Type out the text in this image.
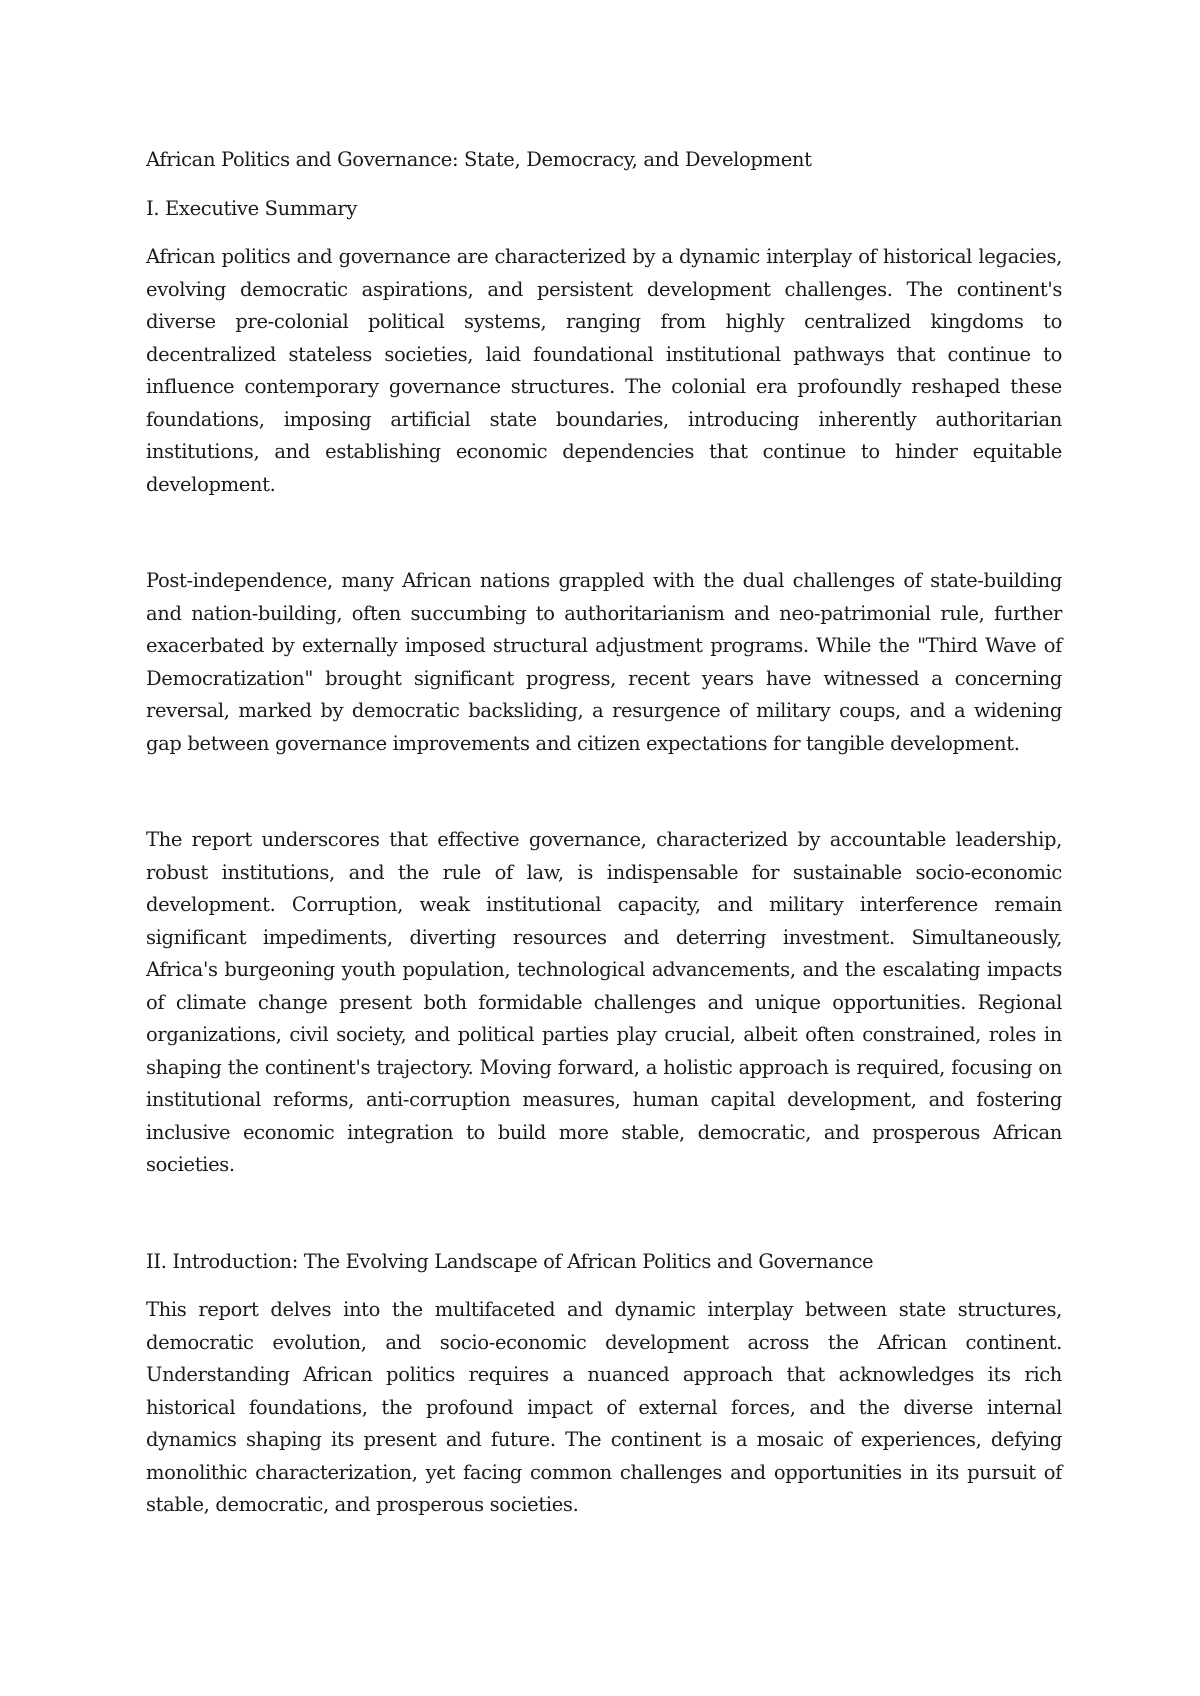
African Politics and Governance: State, Democracy, and Development
I. Executive Summary

African politics and governance are characterized by a dynamic interplay of historical legacies, evolving democratic aspirations, and persistent development challenges. The continent's diverse pre-colonial political systems, ranging from highly centralized kingdoms to decentralized stateless societies, laid foundational institutional pathways that continue to influence contemporary governance structures. The colonial era profoundly reshaped these foundations, imposing artificial state boundaries, introducing inherently authoritarian institutions, and establishing economic dependencies that continue to hinder equitable development.

Post-independence, many African nations grappled with the dual challenges of state-building and nation-building, often succumbing to authoritarianism and neo-patrimonial rule, further exacerbated by externally imposed structural adjustment programs. While the "Third Wave of Democratization" brought significant progress, recent years have witnessed a concerning reversal, marked by democratic backsliding, a resurgence of military coups, and a widening gap between governance improvements and citizen expectations for tangible development.

The report underscores that effective governance, characterized by accountable leadership, robust institutions, and the rule of law, is indispensable for sustainable socio-economic development. Corruption, weak institutional capacity, and military interference remain significant impediments, diverting resources and deterring investment. Simultaneously, Africa's burgeoning youth population, technological advancements, and the escalating impacts of climate change present both formidable challenges and unique opportunities. Regional organizations, civil society, and political parties play crucial, albeit often constrained, roles in shaping the continent's trajectory. Moving forward, a holistic approach is required, focusing on institutional reforms, anti-corruption measures, human capital development, and fostering inclusive economic integration to build more stable, democratic, and prosperous African societies.

II. Introduction: The Evolving Landscape of African Politics and Governance

This report delves into the multifaceted and dynamic interplay between state structures, democratic evolution, and socio-economic development across the African continent. Understanding African politics requires a nuanced approach that acknowledges its rich historical foundations, the profound impact of external forces, and the diverse internal dynamics shaping its present and future. The continent is a mosaic of experiences, defying monolithic characterization, yet facing common challenges and opportunities in its pursuit of stable, democratic, and prosperous societies.
